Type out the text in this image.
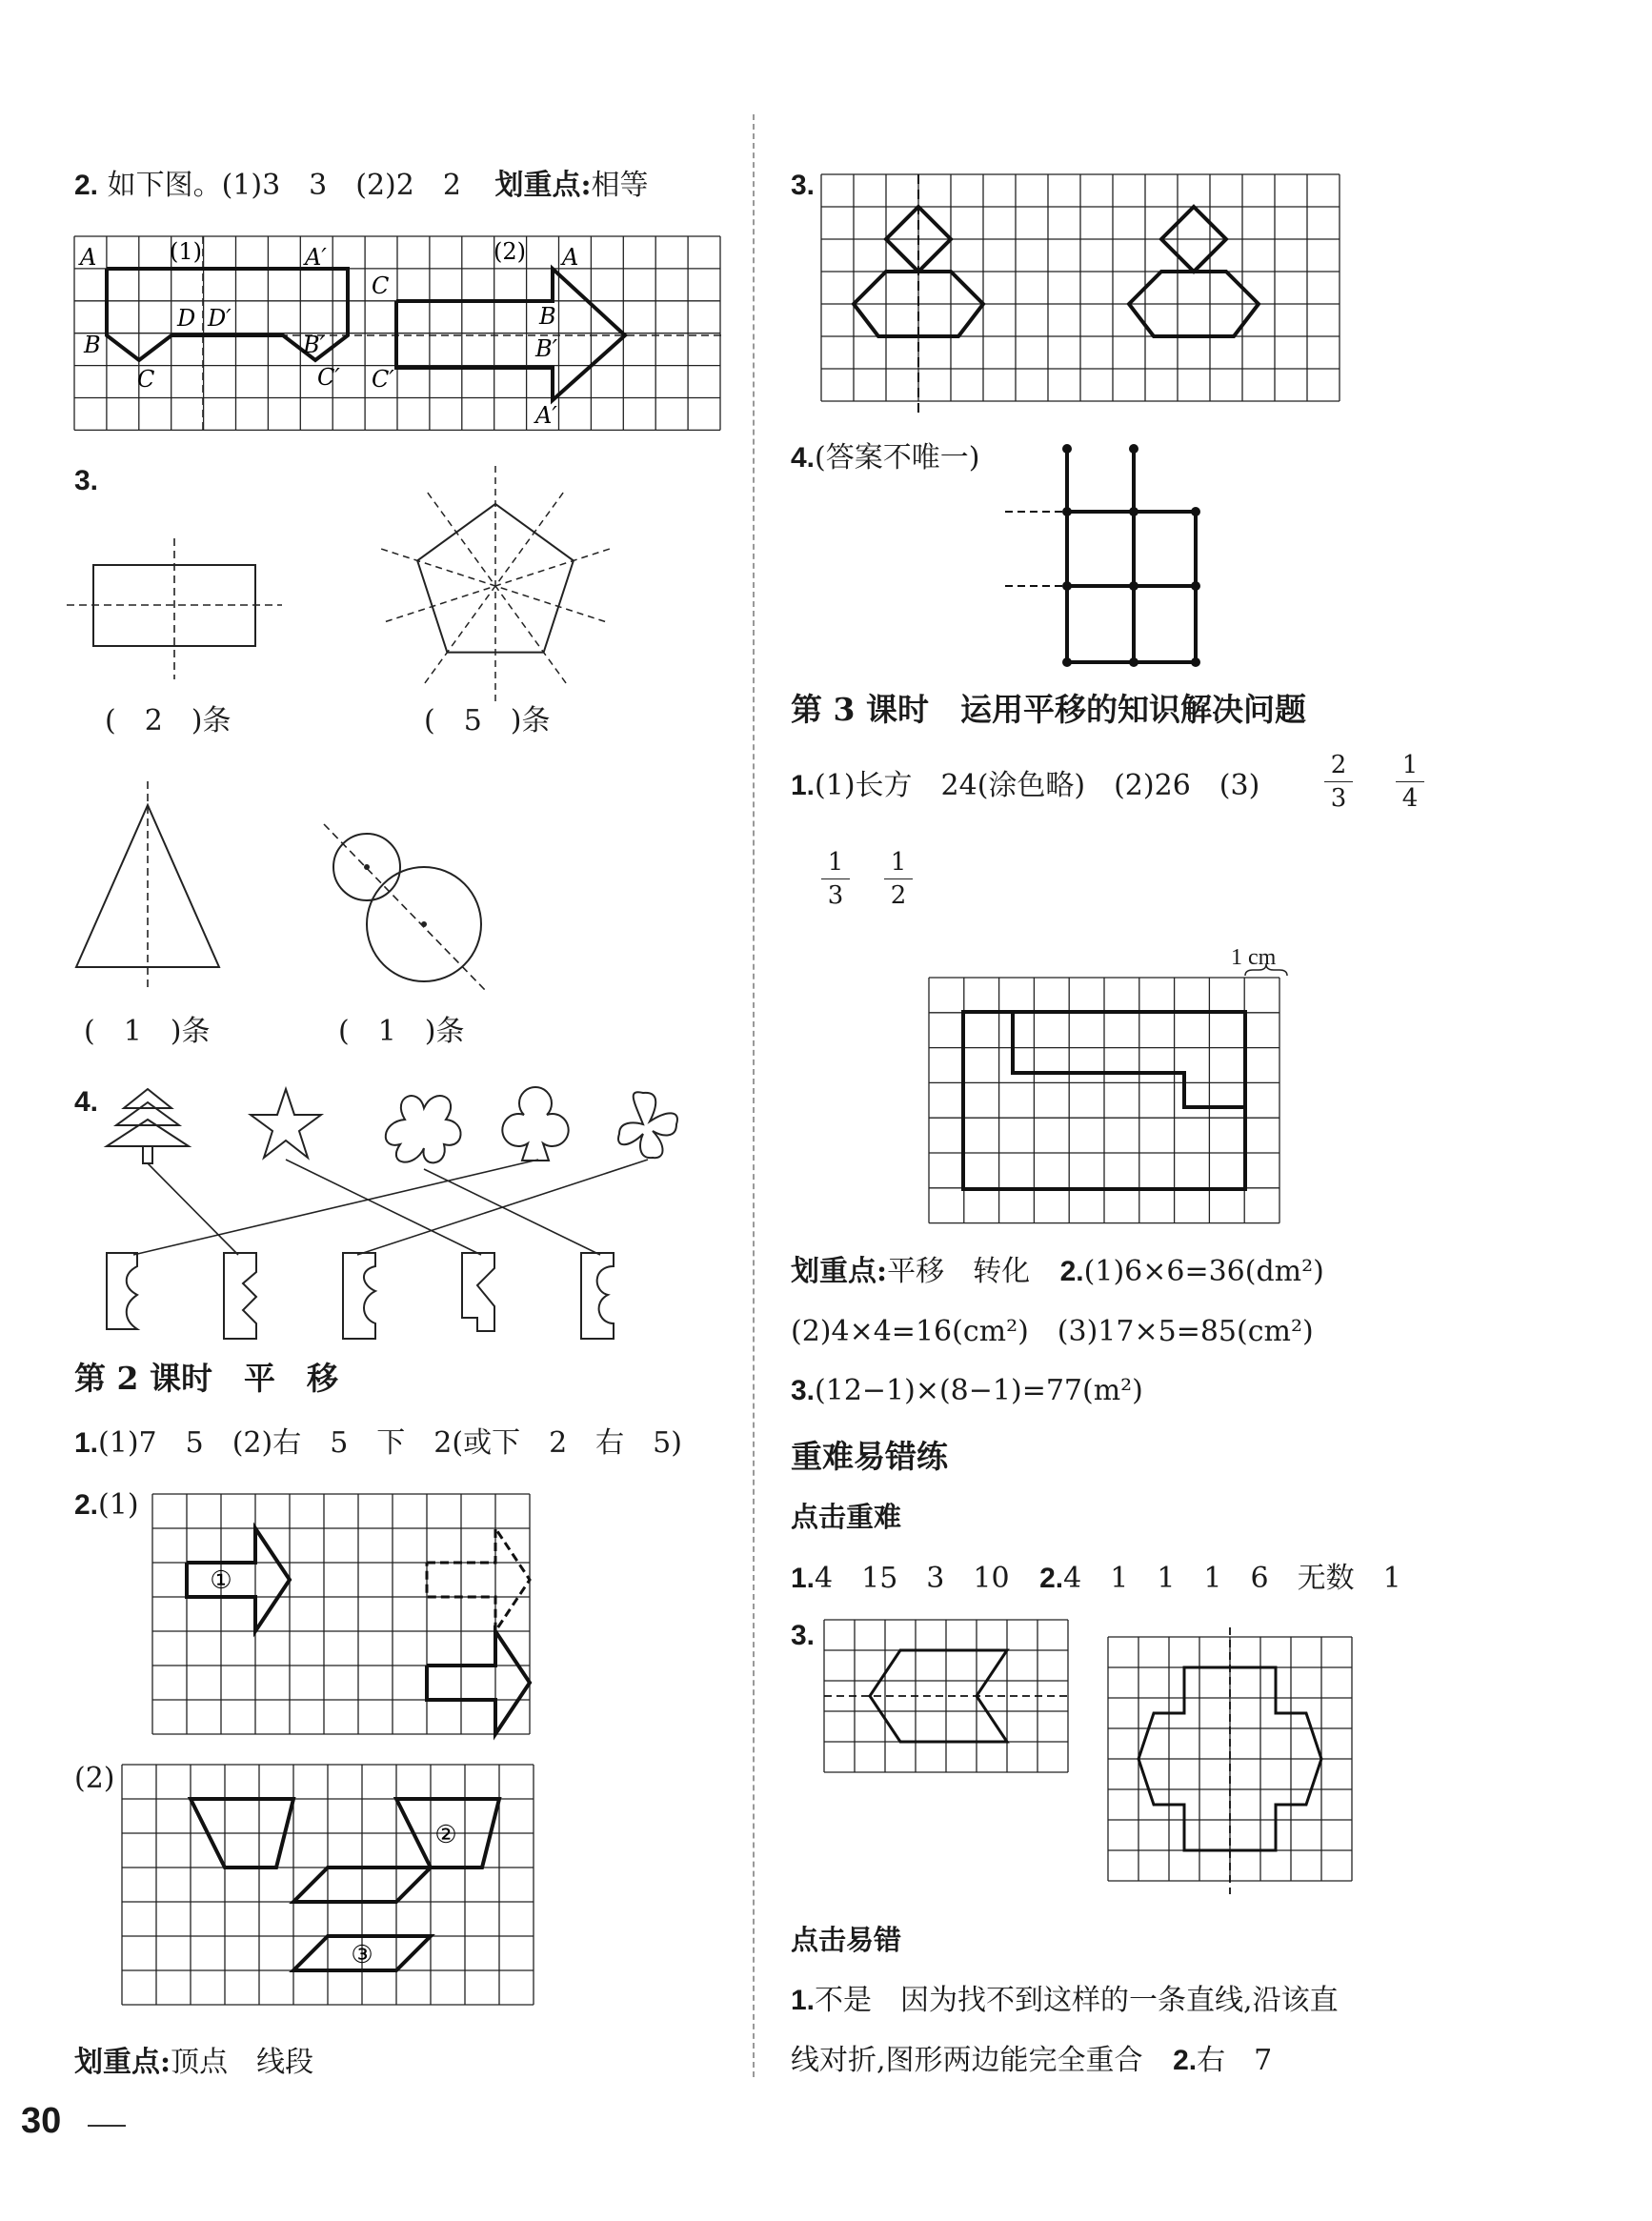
2. 如下图。(1)3　3　(2)2　2 划重点:相等
A	(1)	A′
D D′
B
C	C′
B′
C
C′
(2) A
B
B′
A′
3.
(　2　)条	(　5　)条
(　1　)条	(　1　)条
4.
第 2 课时　平　移
1.(1)7　5　(2)右　5　下　2(或下　2　右　5)
2.(1)
①
(2)
②
③
划重点:顶点　线段
30
3.
4.(答案不唯一)
第 3 课时　运用平移的知识解决问题
1.(1)长方　24(涂色略)　(2)26　(3)
2
3
1
4
1
3
1
2
1 cm
划重点:平移　转化 2.(1)6×6=36(dm²)
(2)4×4=16(cm²)　(3)17×5=85(cm²)
3.(12−1)×(8−1)=77(m²)
重难易错练
点击重难
1.4　15　3　10 2.4　1　1　1　6　无数　1
3.
点击易错
1.不是　因为找不到这样的一条直线,沿该直
线对折,图形两边能完全重合 2.右　7
